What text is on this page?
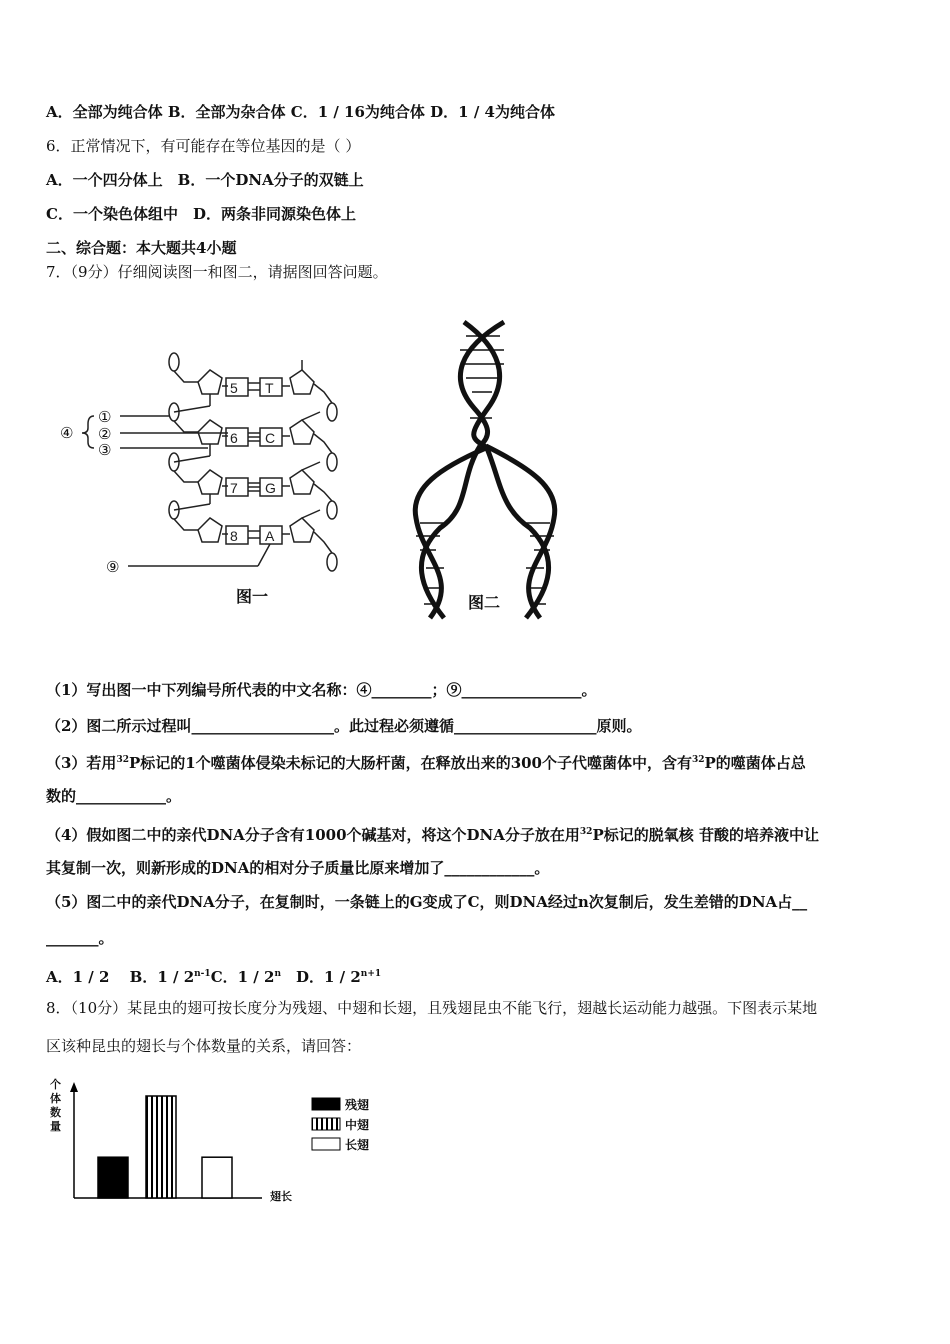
A．全部为纯合体 B．全部为杂合体 C．1 / 16为纯合体 D．1 / 4为纯合体
6．正常情况下，有可能存在等位基因的是（ ）
A．一个四分体上　B．一个DNA分子的双链上
C．一个染色体组中　D．两条非同源染色体上
二、综合题：本大题共4小题
7．（9分）仔细阅读图一和图二，请据图回答问题。
5
6
7
8
T
C
G
A
④
①
②
③
⑨
图一	图二
（1）写出图一中下列编号所代表的中文名称：④________；⑨________________。
（2）图二所示过程叫___________________。此过程必须遵循___________________原则。
（3）若用$^{32}$P标记的1个噬菌体侵染未标记的大肠杆菌，在释放出来的300个子代噬菌体中，含有$^{32}$P的噬菌体占总
数的____________。
（4）假如图二中的亲代DNA分子含有1000个碱基对，将这个DNA分子放在用$^{32}$P标记的脱氧核 苷酸的培养液中让
其复制一次，则新形成的DNA的相对分子质量比原来增加了____________。
（5）图二中的亲代DNA分子，在复制时，一条链上的G变成了C，则DNA经过n次复制后，发生差错的DNA占__
_______。
A．1 / 2　 B．1 / 2$^{n-1}$C．1 / 2$^n$　D．$1 / 2^{n+1}$
8．（10分）某昆虫的翅可按长度分为残翅、中翅和长翅，且残翅昆虫不能飞行，翅越长运动能力越强。下图表示某地
区该种昆虫的翅长与个体数量的关系，请回答：
个
体
数
量
翅长
残翅
中翅
长翅
